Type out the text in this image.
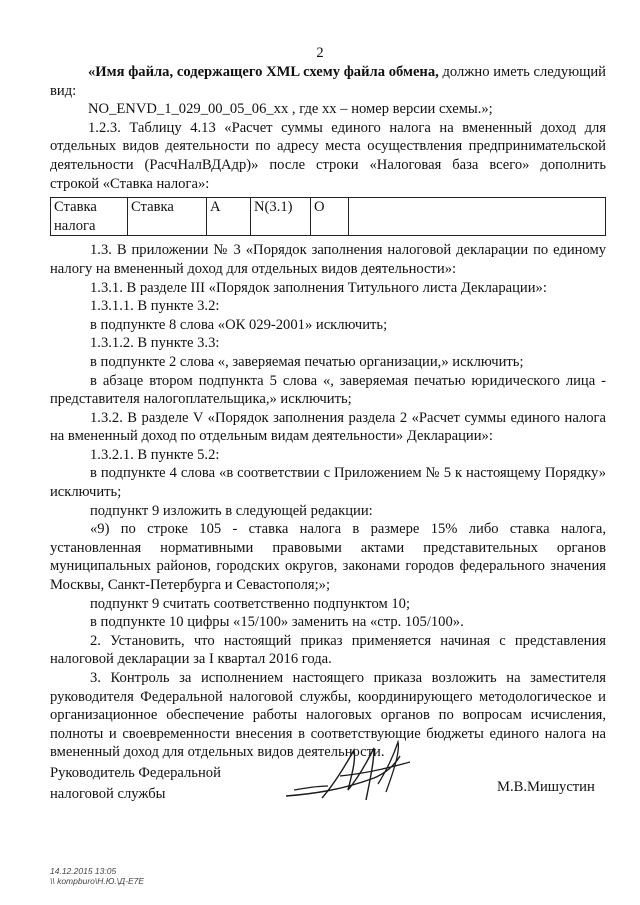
2

«Имя файла, содержащего XML схему файла обмена, должно иметь следующий вид:

NO_ENVD_1_029_00_05_06_xx , где xx – номер версии схемы.»;

1.2.3. Таблицу 4.13 «Расчет суммы единого налога на вмененный доход для отдельных видов деятельности по адресу места осуществления предпринимательской деятельности (РасчНалВДАдр)» после строки «Налоговая база всего» дополнить строкой «Ставка налога»:

Ставка налога	Ставка	А	N(3.1)	О	

1.3. В приложении № 3 «Порядок заполнения налоговой декларации по единому налогу на вмененный доход для отдельных видов деятельности»:

1.3.1. В разделе III «Порядок заполнения Титульного листа Декларации»:

1.3.1.1. В пункте 3.2:

в подпункте 8 слова «ОК 029-2001» исключить;

1.3.1.2. В пункте 3.3:

в подпункте 2 слова «, заверяемая печатью организации,» исключить;

в абзаце втором подпункта 5 слова «, заверяемая печатью юридического лица - представителя налогоплательщика,» исключить;

1.3.2. В разделе V «Порядок заполнения раздела 2 «Расчет суммы единого налога на вмененный доход по отдельным видам деятельности» Декларации»:

1.3.2.1. В пункте 5.2:

в подпункте 4 слова «в соответствии с Приложением № 5 к настоящему Порядку» исключить;

подпункт 9 изложить в следующей редакции:

«9) по строке 105 - ставка налога в размере 15% либо ставка налога, установленная нормативными правовыми актами представительных органов муниципальных районов, городских округов, законами городов федерального значения Москвы, Санкт-Петербурга и Севастополя;»;

подпункт 9 считать соответственно подпунктом 10;

в подпункте 10 цифры «15/100» заменить на «стр. 105/100».

2. Установить, что настоящий приказ применяется начиная с представления налоговой декларации за I квартал 2016 года.

3. Контроль за исполнением настоящего приказа возложить на заместителя руководителя Федеральной налоговой службы, координирующего методологическое и организационное обеспечение работы налоговых органов по вопросам исчисления, полноты и своевременности внесения в соответствующие бюджеты единого налога на вмененный доход для отдельных видов деятельности.

Руководитель Федеральной
налоговой службы	М.В.Мишустин
14.12.2015 13:05
\\ kompburo\Н.Ю.\Д-Е7Е
